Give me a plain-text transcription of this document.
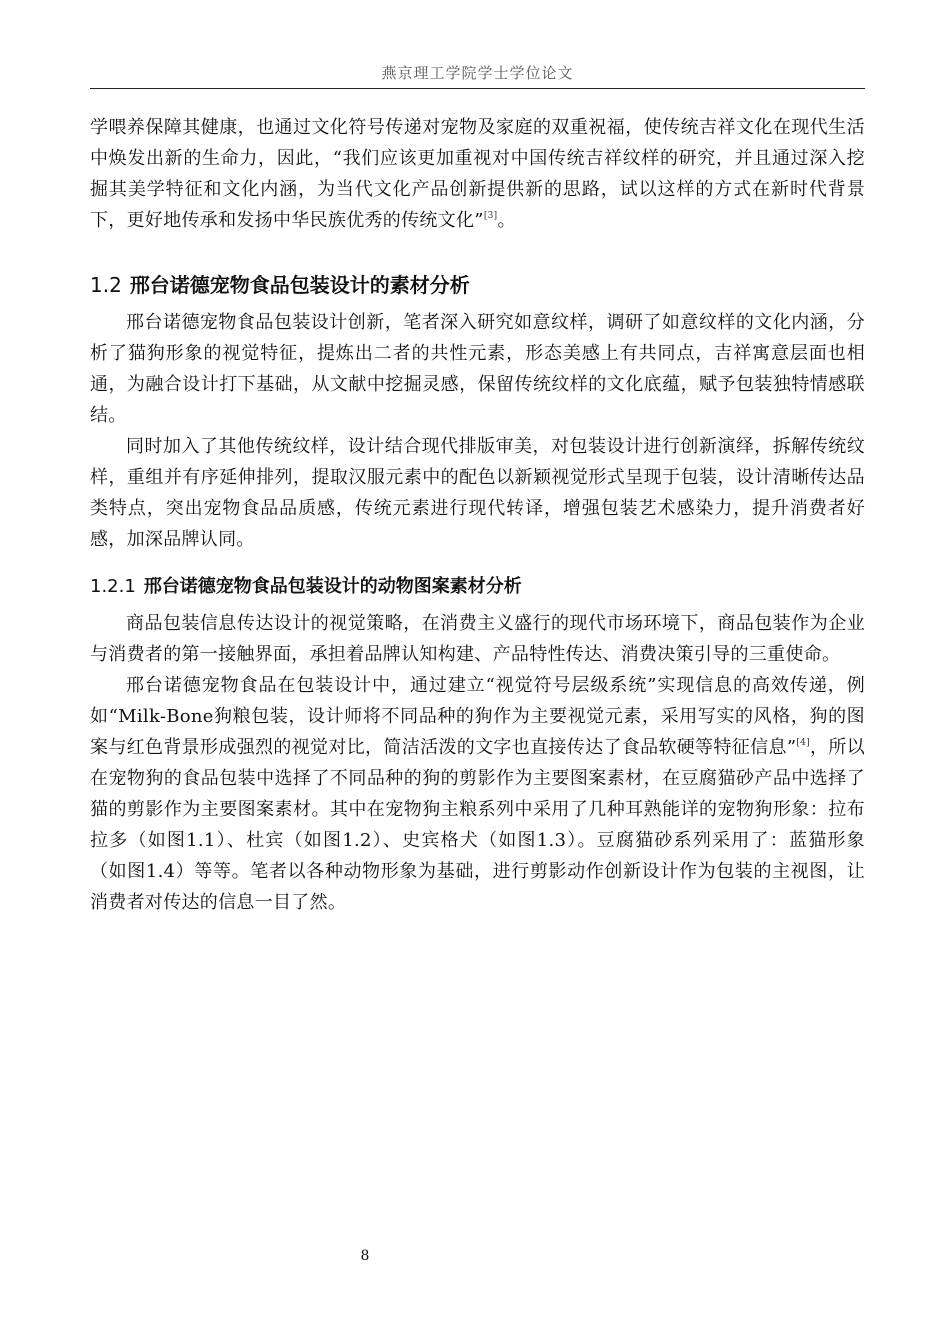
燕京理工学院学士学位论文

学喂养保障其健康，也通过文化符号传递对宠物及家庭的双重祝福，使传统吉祥文化在现代生活中焕发出新的生命力，因此，“我们应该更加重视对中国传统吉祥纹样的研究，并且通过深入挖掘其美学特征和文化内涵，为当代文化产品创新提供新的思路，试以这样的方式在新时代背景下，更好地传承和发扬中华民族优秀的传统文化”[3]。

1.2 邢台诺德宠物食品包装设计的素材分析

邢台诺德宠物食品包装设计创新，笔者深入研究如意纹样，调研了如意纹样的文化内涵，分析了猫狗形象的视觉特征，提炼出二者的共性元素，形态美感上有共同点，吉祥寓意层面也相通，为融合设计打下基础，从文献中挖掘灵感，保留传统纹样的文化底蕴，赋予包装独特情感联结。

同时加入了其他传统纹样，设计结合现代排版审美，对包装设计进行创新演绎，拆解传统纹样，重组并有序延伸排列，提取汉服元素中的配色以新颖视觉形式呈现于包装，设计清晰传达品类特点，突出宠物食品品质感，传统元素进行现代转译，增强包装艺术感染力，提升消费者好感，加深品牌认同。

1.2.1 邢台诺德宠物食品包装设计的动物图案素材分析

商品包装信息传达设计的视觉策略，在消费主义盛行的现代市场环境下，商品包装作为企业与消费者的第一接触界面，承担着品牌认知构建、产品特性传达、消费决策引导的三重使命。

邢台诺德宠物食品在包装设计中，通过建立“视觉符号层级系统”实现信息的高效传递，例如“Milk-Bone狗粮包装，设计师将不同品种的狗作为主要视觉元素，采用写实的风格，狗的图案与红色背景形成强烈的视觉对比，简洁活泼的文字也直接传达了食品软硬等特征信息”[4]，所以在宠物狗的食品包装中选择了不同品种的狗的剪影作为主要图案素材，在豆腐猫砂产品中选择了猫的剪影作为主要图案素材。其中在宠物狗主粮系列中采用了几种耳熟能详的宠物狗形象：拉布拉多（如图1.1）、杜宾（如图1.2）、史宾格犬（如图1.3）。豆腐猫砂系列采用了：蓝猫形象（如图1.4）等等。笔者以各种动物形象为基础，进行剪影动作创新设计作为包装的主视图，让消费者对传达的信息一目了然。

8
